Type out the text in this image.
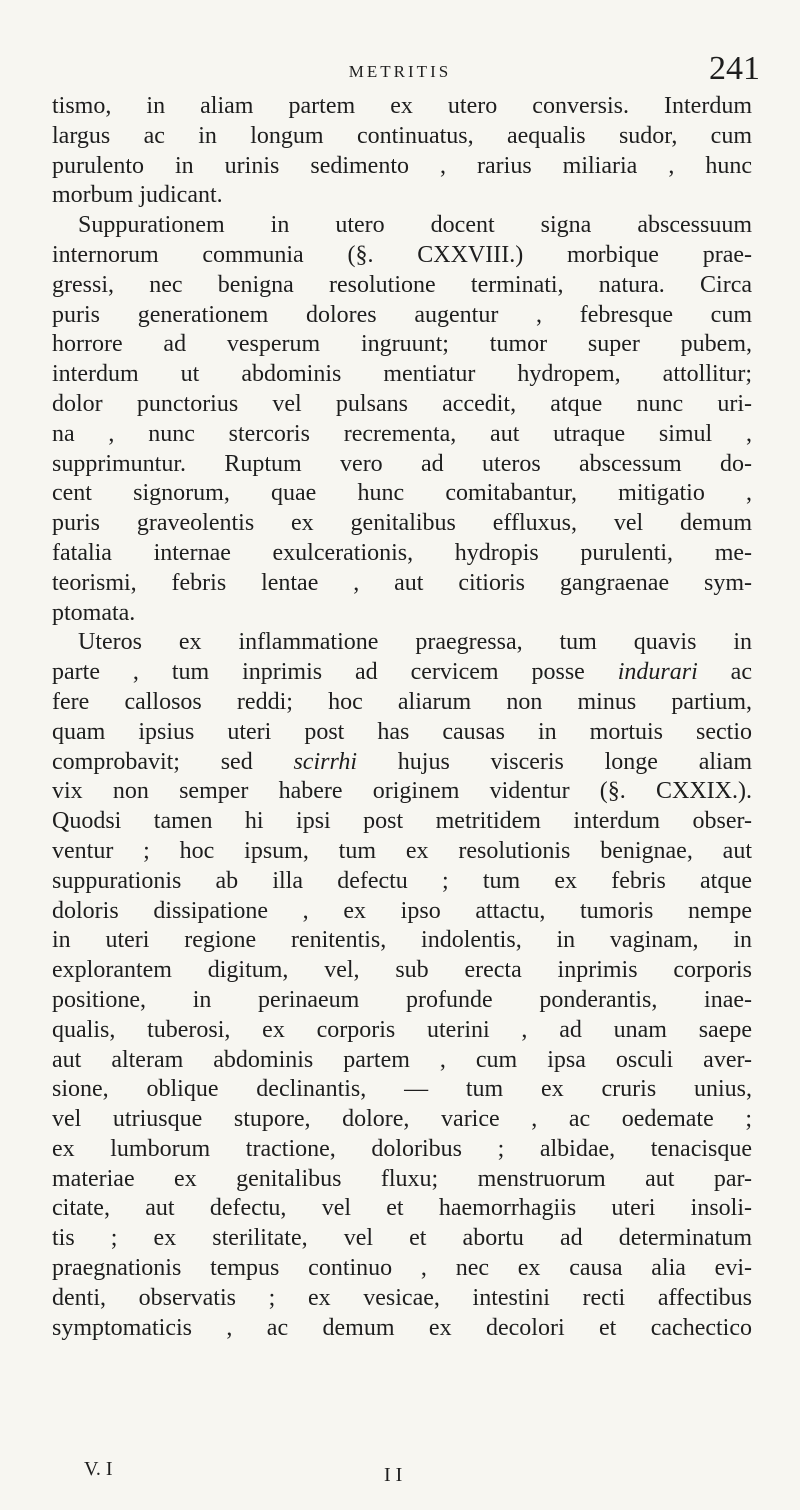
METRITIS	241
tismo, in aliam partem ex utero conversis. Interdum
largus ac in longum continuatus, aequalis sudor, cum
purulento in urinis sedimento , rarius miliaria , hunc
morbum judicant.
Suppurationem in utero docent signa abscessuum
internorum communia (§. CXXVIII.) morbique prae-
gressi, nec benigna resolutione terminati, natura. Circa
puris generationem dolores augentur , febresque cum
horrore ad vesperum ingruunt; tumor super pubem,
interdum ut abdominis mentiatur hydropem, attollitur;
dolor punctorius vel pulsans accedit, atque nunc uri-
na , nunc stercoris recrementa, aut utraque simul ,
supprimuntur. Ruptum vero ad uteros abscessum do-
cent signorum, quae hunc comitabantur, mitigatio ,
puris graveolentis ex genitalibus effluxus, vel demum
fatalia internae exulcerationis, hydropis purulenti, me-
teorismi, febris lentae , aut citioris gangraenae sym-
ptomata.
Uteros ex inflammatione praegressa, tum quavis in
parte , tum inprimis ad cervicem posse indurari ac
fere callosos reddi; hoc aliarum non minus partium,
quam ipsius uteri post has causas in mortuis sectio
comprobavit; sed scirrhi hujus visceris longe aliam
vix non semper habere originem videntur (§. CXXIX.).
Quodsi tamen hi ipsi post metritidem interdum obser-
ventur ; hoc ipsum, tum ex resolutionis benignae, aut
suppurationis ab illa defectu ; tum ex febris atque
doloris dissipatione , ex ipso attactu, tumoris nempe
in uteri regione renitentis, indolentis, in vaginam, in
explorantem digitum, vel, sub erecta inprimis corporis
positione, in perinaeum profunde ponderantis, inae-
qualis, tuberosi, ex corporis uterini , ad unam saepe
aut alteram abdominis partem , cum ipsa osculi aver-
sione, oblique declinantis, — tum ex cruris unius,
vel utriusque stupore, dolore, varice , ac oedemate ;
ex lumborum tractione, doloribus ; albidae, tenacisque
materiae ex genitalibus fluxu; menstruorum aut par-
citate, aut defectu, vel et haemorrhagiis uteri insoli-
tis ; ex sterilitate, vel et abortu ad determinatum
praegnationis tempus continuo , nec ex causa alia evi-
denti, observatis ; ex vesicae, intestini recti affectibus
symptomaticis , ac demum ex decolori et cachectico
V. I	I I
